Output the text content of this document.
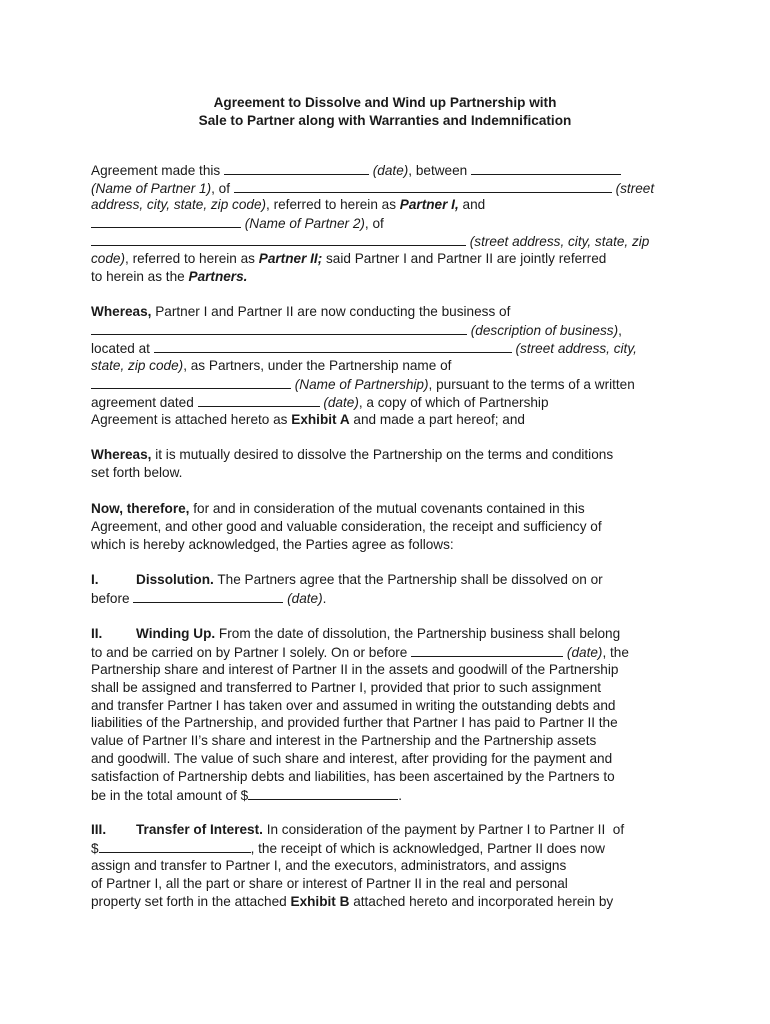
Agreement to Dissolve and Wind up Partnership with
Sale to Partner along with Warranties and Indemnification
Agreement made this	(date), between
(Name of Partner 1), of	(street
address, city, state, zip code), referred to herein as Partner I, and
(Name of Partner 2), of
(street address, city, state, zip
code), referred to herein as Partner II; said Partner I and Partner II are jointly referred
to herein as the Partners.
Whereas, Partner I and Partner II are now conducting the business of
(description of business),
located at	(street address, city,
state, zip code), as Partners, under the Partnership name of
(Name of Partnership), pursuant to the terms of a written
agreement dated	(date), a copy of which of Partnership
Agreement is attached hereto as Exhibit A and made a part hereof; and
Whereas, it is mutually desired to dissolve the Partnership on the terms and conditions
set forth below.
Now, therefore, for and in consideration of the mutual covenants contained in this
Agreement, and other good and valuable consideration, the receipt and sufficiency of
which is hereby acknowledged, the Parties agree as follows:
I.	Dissolution. The Partners agree that the Partnership shall be dissolved on or
before	(date).
II. Winding Up. From the date of dissolution, the Partnership business shall belong
to and be carried on by Partner I solely. On or before	(date), the
Partnership share and interest of Partner II in the assets and goodwill of the Partnership
shall be assigned and transferred to Partner I, provided that prior to such assignment
and transfer Partner I has taken over and assumed in writing the outstanding debts and
liabilities of the Partnership, and provided further that Partner I has paid to Partner II the
value of Partner II’s share and interest in the Partnership and the Partnership assets
and goodwill. The value of such share and interest, after providing for the payment and
satisfaction of Partnership debts and liabilities, has been ascertained by the Partners to
be in the total amount of $	.
III. Transfer of Interest. In consideration of the payment by Partner I to Partner II  of
$	, the receipt of which is acknowledged, Partner II does now
assign and transfer to Partner I, and the executors, administrators, and assigns
of Partner I, all the part or share or interest of Partner II in the real and personal
property set forth in the attached Exhibit B attached hereto and incorporated herein by
